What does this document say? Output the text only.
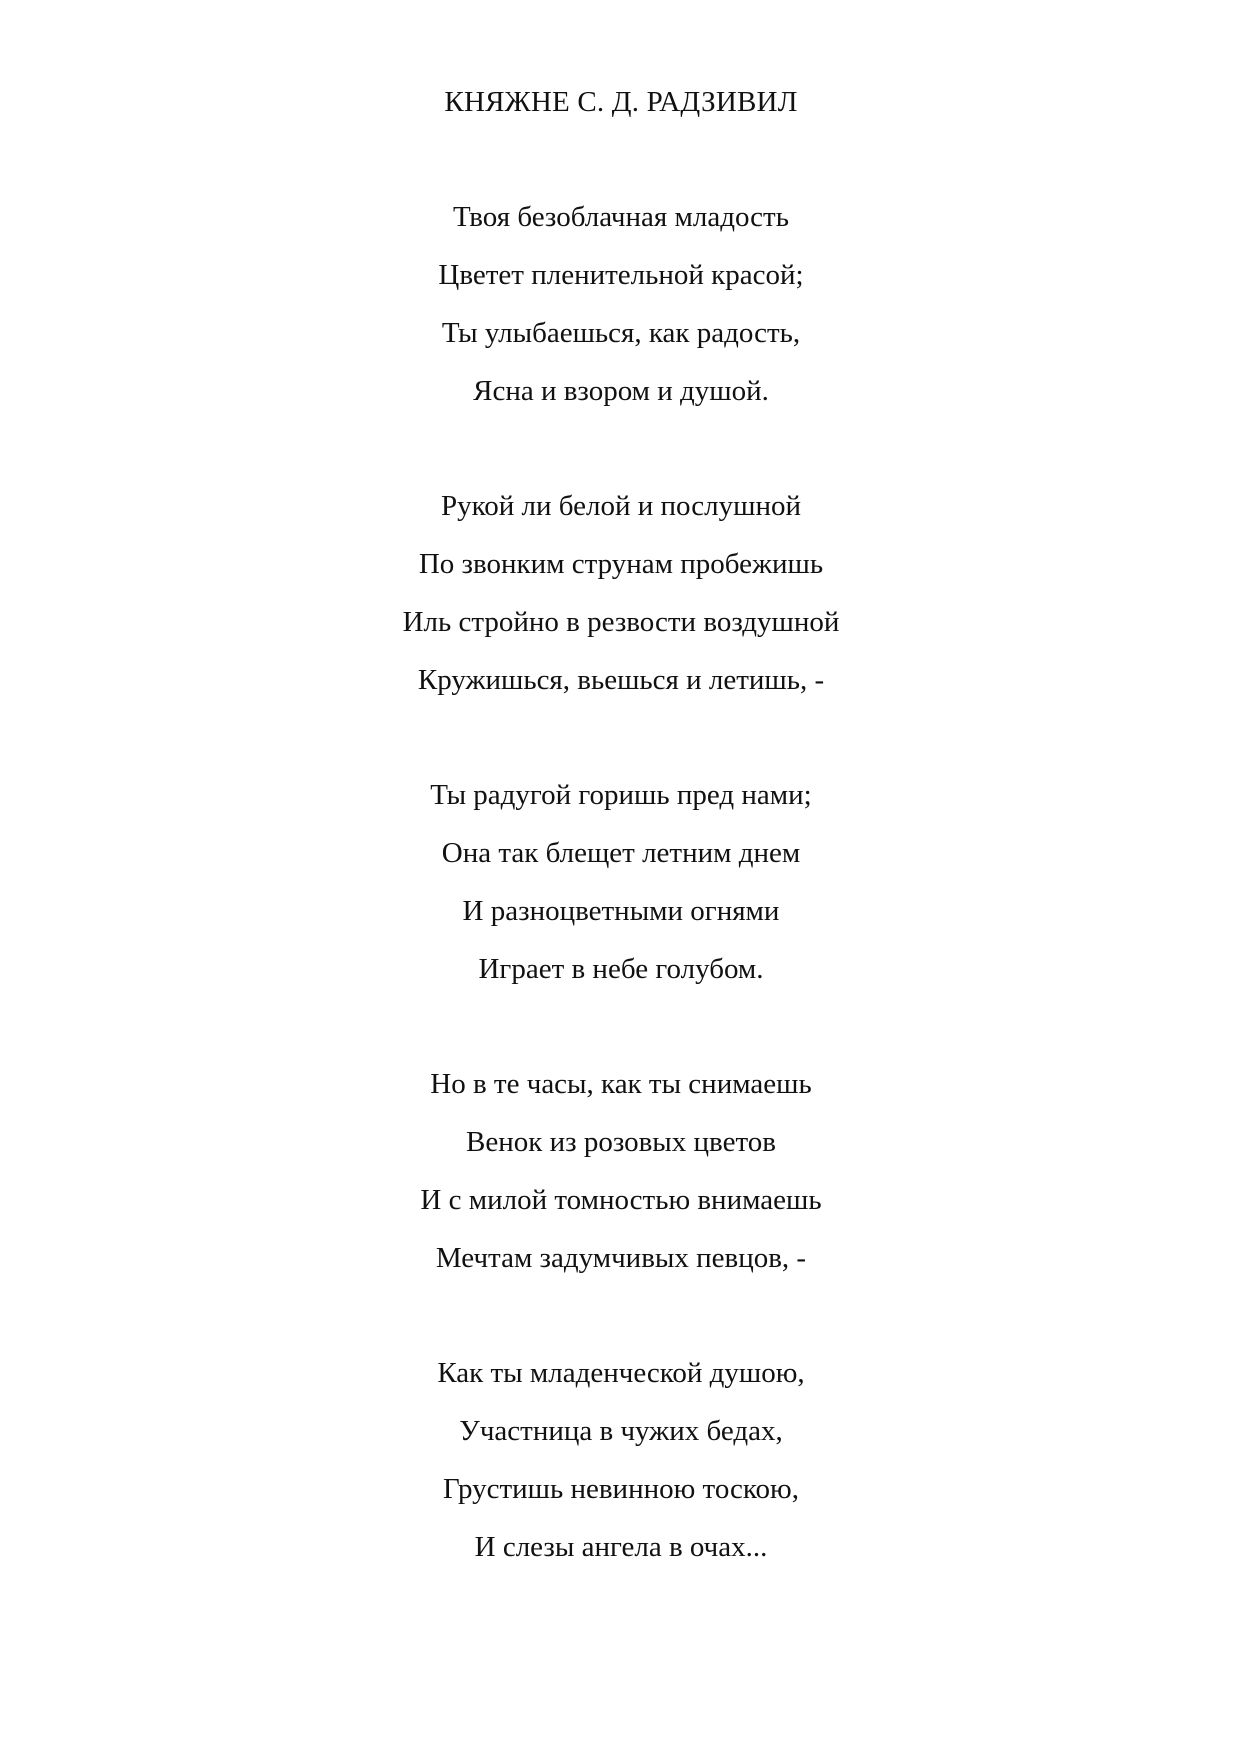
КНЯЖНЕ С. Д. РАДЗИВИЛ
Твоя безоблачная младость
Цветет пленительной красой;
Ты улыбаешься, как радость,
Ясна и взором и душой.
Рукой ли белой и послушной
По звонким струнам пробежишь
Иль стройно в резвости воздушной
Кружишься, вьешься и летишь, -
Ты радугой горишь пред нами;
Она так блещет летним днем
И разноцветными огнями
Играет в небе голубом.
Но в те часы, как ты снимаешь
Венок из розовых цветов
И с милой томностью внимаешь
Мечтам задумчивых певцов, -
Как ты младенческой душою,
Участница в чужих бедах,
Грустишь невинною тоскою,
И слезы ангела в очах...
